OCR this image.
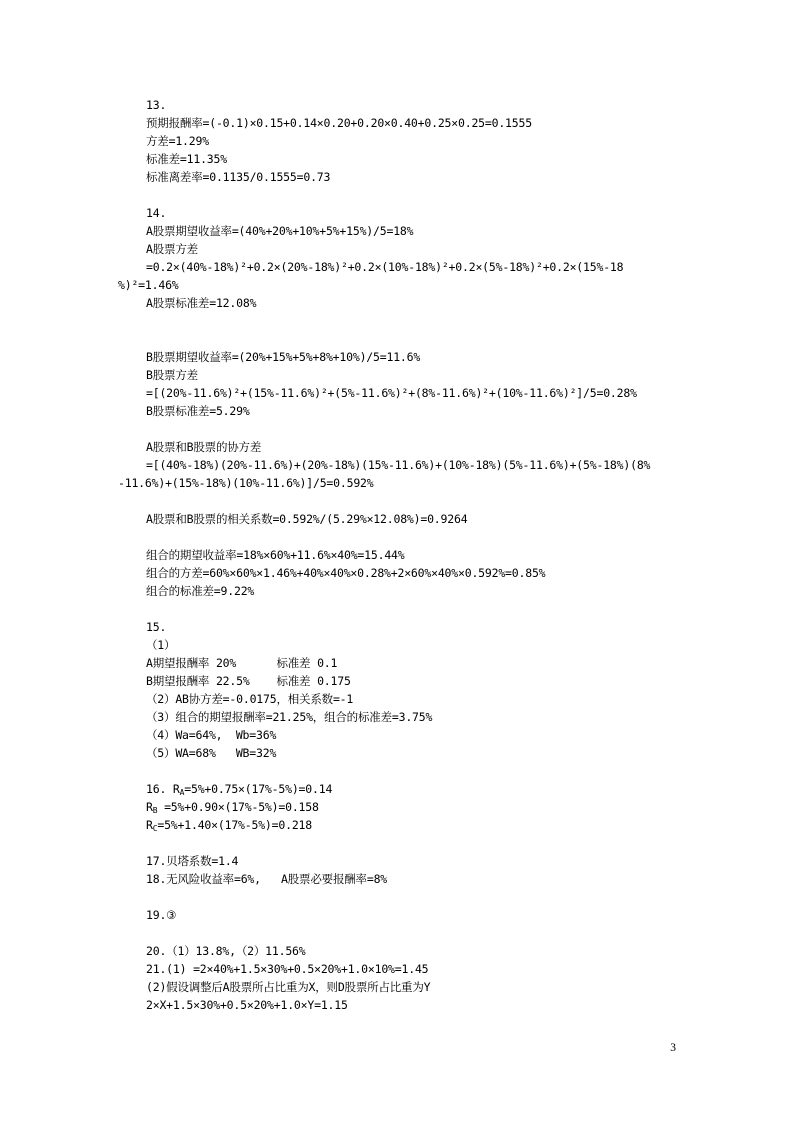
13.
预期报酬率=(-0.1)×0.15+0.14×0.20+0.20×0.40+0.25×0.25=0.1555
方差=1.29%
标准差=11.35%
标准离差率=0.1135/0.1555=0.73
14.
A股票期望收益率=(40%+20%+10%+5%+15%)/5=18%
A股票方差
=0.2×(40%-18%)²+0.2×(20%-18%)²+0.2×(10%-18%)²+0.2×(5%-18%)²+0.2×(15%-18
%)²=1.46%
A股票标准差=12.08%
B股票期望收益率=(20%+15%+5%+8%+10%)/5=11.6%
B股票方差
=[(20%-11.6%)²+(15%-11.6%)²+(5%-11.6%)²+(8%-11.6%)²+(10%-11.6%)²]/5=0.28%
B股票标准差=5.29%
A股票和B股票的协方差
=[(40%-18%)(20%-11.6%)+(20%-18%)(15%-11.6%)+(10%-18%)(5%-11.6%)+(5%-18%)(8%
-11.6%)+(15%-18%)(10%-11.6%)]/5=0.592%
A股票和B股票的相关系数=0.592%/(5.29%×12.08%)=0.9264
组合的期望收益率=18%×60%+11.6%×40%=15.44%
组合的方差=60%×60%×1.46%+40%×40%×0.28%+2×60%×40%×0.592%=0.85%
组合的标准差=9.22%
15.
（1）
A期望报酬率 20%      标准差 0.1
B期望报酬率 22.5%    标准差 0.175
（2）AB协方差=-0.0175，相关系数=-1
（3）组合的期望报酬率=21.25%，组合的标准差=3.75%
（4）Wa=64%,  Wb=36%
（5）WA=68%   WB=32%
16. $R_A=5\%+0.75\times(17\%-5\%)=0.14$
$R_B =5\%+0.90\times(17\%-5\%)=0.158$
$R_C=5\%+1.40\times(17\%-5\%)=0.218$
17.贝塔系数=1.4
18.无风险收益率=6%,   A股票必要报酬率=8%
19.③
20.（1）13.8%,（2）11.56%
21.(1) =2×40%+1.5×30%+0.5×20%+1.0×10%=1.45
(2)假设调整后A股票所占比重为X，则D股票所占比重为Y
2×X+1.5×30%+0.5×20%+1.0×Y=1.15
3
